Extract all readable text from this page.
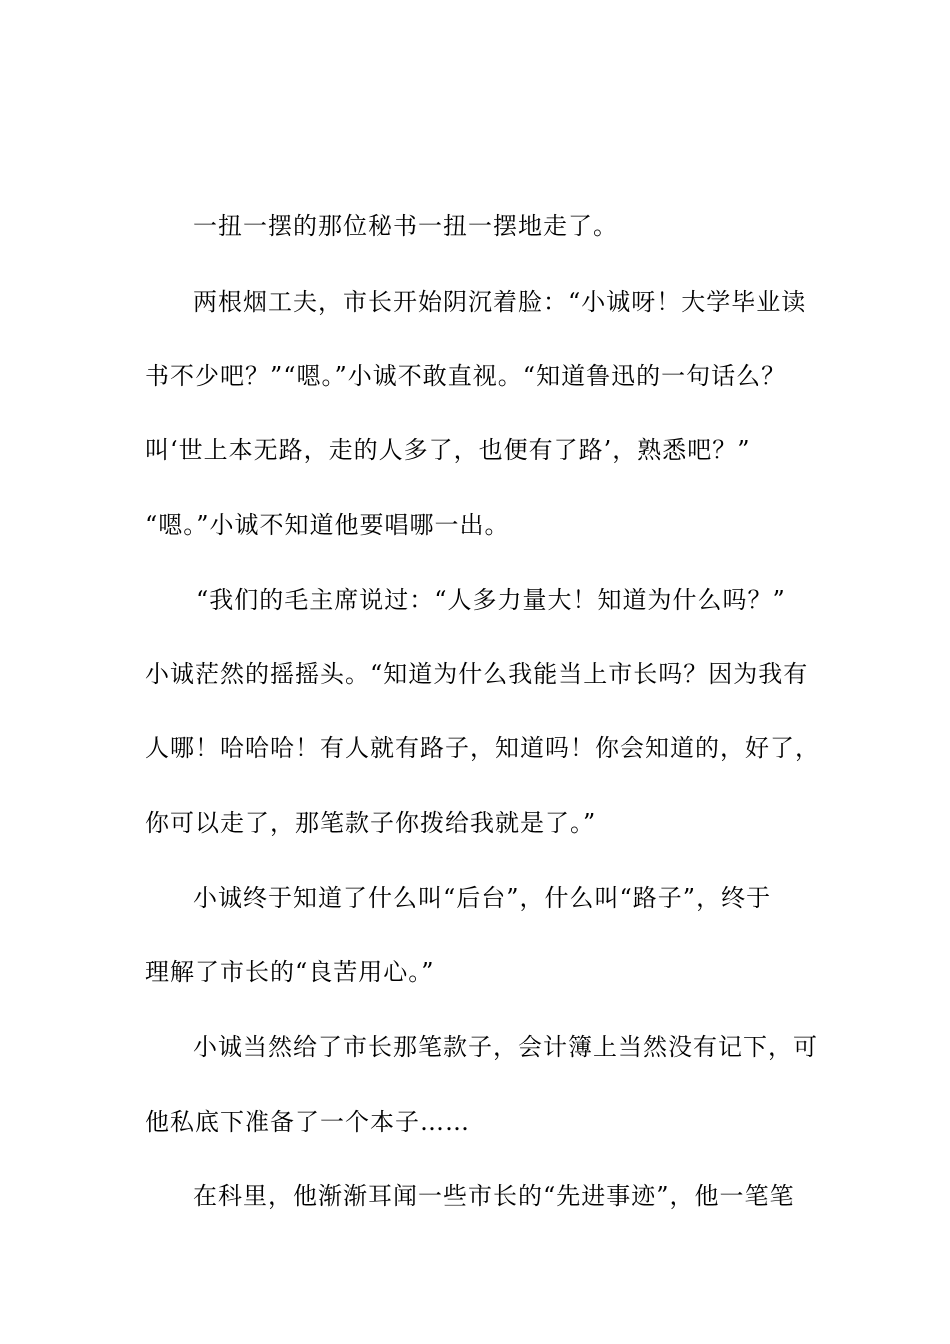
一扭一摆的那位秘书一扭一摆地走了。
两根烟工夫，市长开始阴沉着脸：“小诚呀！大学毕业读
书不少吧？”“嗯。”小诚不敢直视。“知道鲁迅的一句话么？
叫‘世上本无路，走的人多了，也便有了路’，熟悉吧？”
“嗯。”小诚不知道他要唱哪一出。
“我们的毛主席说过：“人多力量大！知道为什么吗？”
小诚茫然的摇摇头。“知道为什么我能当上市长吗？因为我有
人哪！哈哈哈！有人就有路子，知道吗！你会知道的，好了，
你可以走了，那笔款子你拨给我就是了。”
小诚终于知道了什么叫“后台”，什么叫“路子”，终于
理解了市长的“良苦用心。”
小诚当然给了市长那笔款子，会计簿上当然没有记下，可
他私底下准备了一个本子……
在科里，他渐渐耳闻一些市长的“先进事迹”，他一笔笔
